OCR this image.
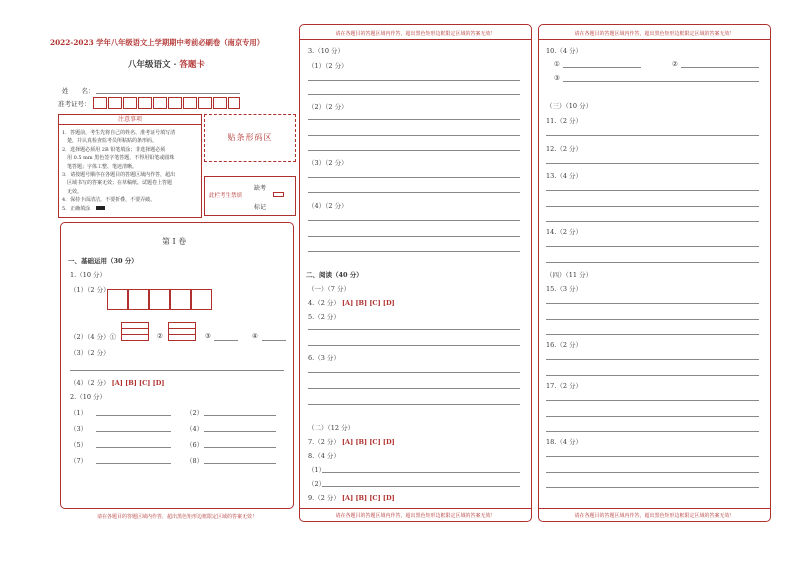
2022-2023 学年八年级语文上学期期中考前必刷卷（南京专用）
八年级语文 · 答题卡
姓　　名：
准考证号：
注意事项
1．答题前，考生先将自己的姓名、准考证号填写清
　楚，并认真检查监考员所粘贴的条形码。
2．选择题必须用 2B 铅笔填涂；非选择题必须
　用 0.5 mm 黑色签字笔答题，不得用铅笔或圆珠
　笔答题；字体工整、笔迹清晰。
3．请按题号顺序在各题目的答题区域内作答，超出
　区域书写的答案无效；在草稿纸、试题卷上答题
　无效。
4．保持卡面清洁，不要折叠，不要弄破。
5．正确填涂
贴条形码区
此栏考生禁填
缺考
标记
第 I 卷
一、基础运用（30 分）
1.（10 分）
（1）（2 分）
（2）（4 分）①	②	③	④
（3）（2 分）
（4）（2 分） [A] [B] [C] [D]
2.（10 分）
（1）	（2）
（3）	（4）
（5）	（6）
（7）	（8）
请在各题目的答题区域内作答，超出黑色矩形边框限定区域的答案无效！
请在各题目的答题区域内作答，超出黑色矩形边框限定区域的答案无效！
3.（10 分）
（1）（2 分）
（2）（2 分）
（3）（2 分）
（4）（2 分）
二、阅读（40 分）
（一）（7 分）
4.（2 分） [A] [B] [C] [D]
5.（2 分）
6.（3 分）
（二）（12 分）
7.（2 分） [A] [B] [C] [D]
8.（4 分）
（1）
（2）
9.（2 分） [A] [B] [C] [D]
请在各题目的答题区域内作答，超出黑色矩形边框限定区域的答案无效！
请在各题目的答题区域内作答，超出黑色矩形边框限定区域的答案无效！
10.（4 分）
①	②
③
（三）（10 分）
11.（2 分）
12.（2 分）
13.（4 分）
14.（2 分）
（四）（11 分）
15.（3 分）
16.（2 分）
17.（2 分）
18.（4 分）
请在各题目的答题区域内作答，超出黑色矩形边框限定区域的答案无效！
